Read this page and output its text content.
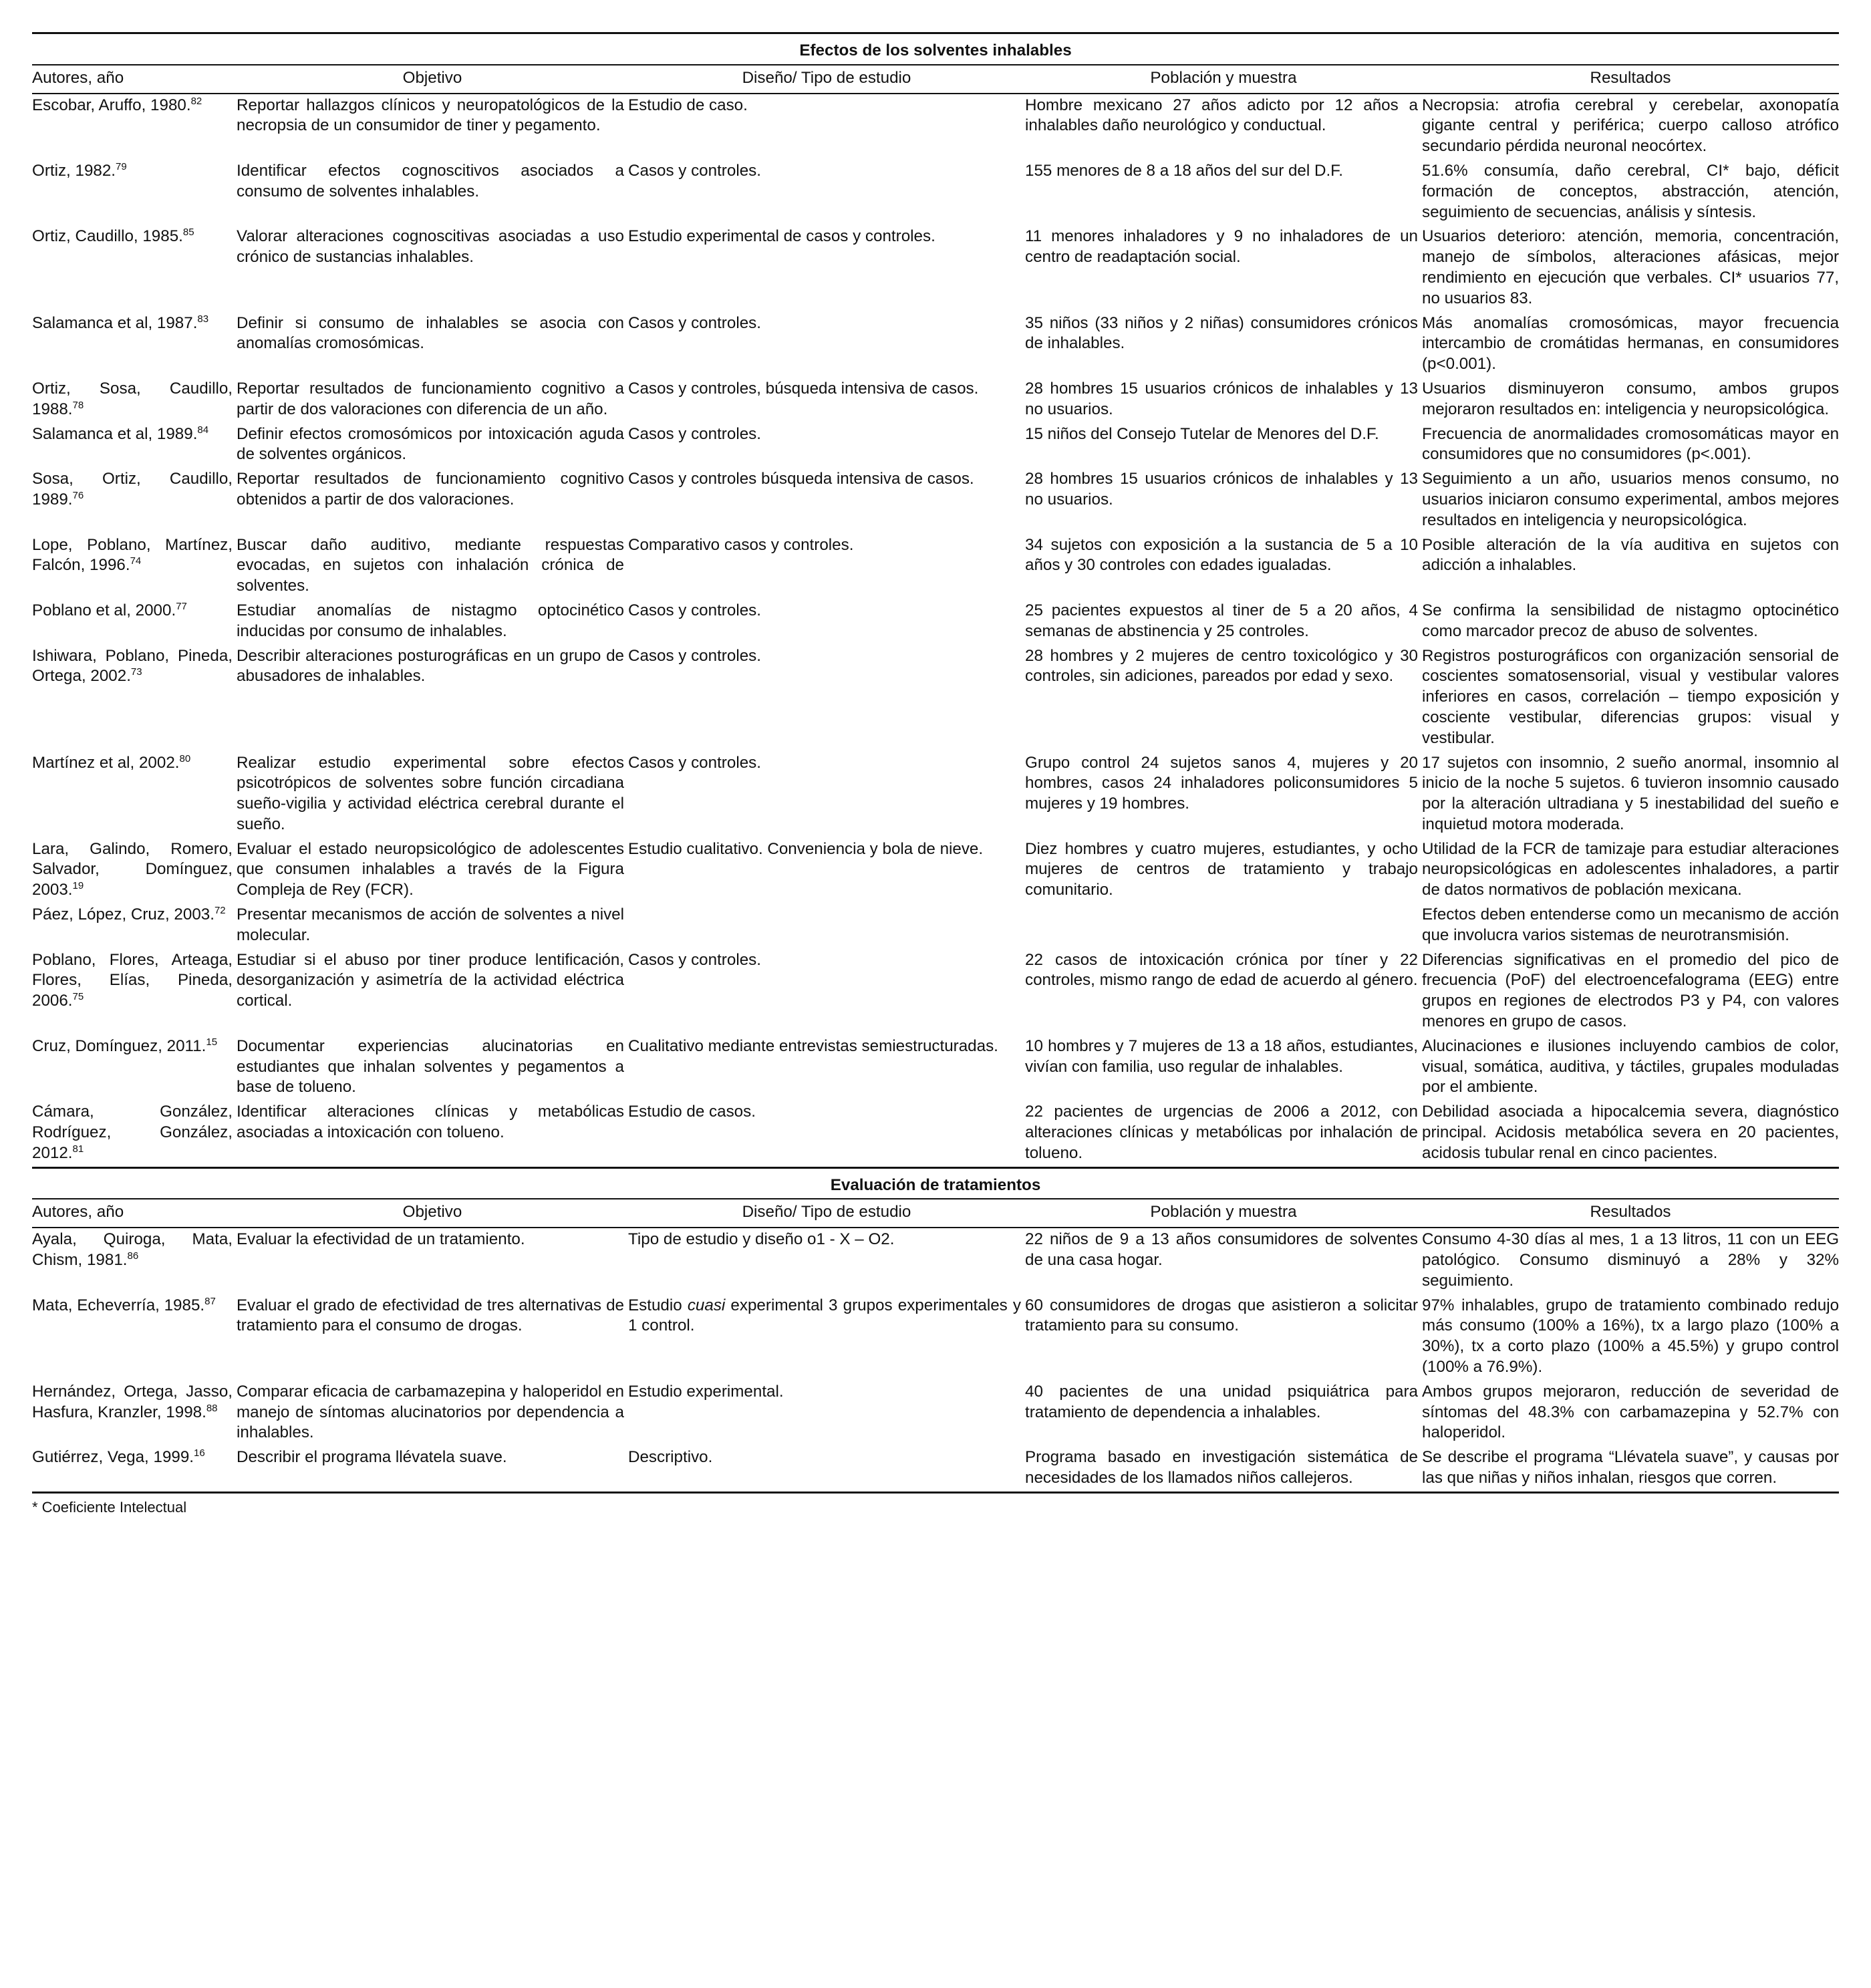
Efectos de los solventes inhalables				
Autores, año	Objetivo	Diseño/ Tipo de estudio	Población y muestra	Resultados
Escobar, Aruffo, 1980.82	Reportar hallazgos clínicos y neuropatológicos de la necropsia de un consumidor de tiner y pegamento.	Estudio de caso.	Hombre mexicano 27 años adicto por 12 años a inhalables daño neurológico y conductual.	Necropsia: atrofia cerebral y cerebelar, axonopatía gigante central y periférica; cuerpo calloso atrófico secundario pérdida neuronal neocórtex.
Ortiz, 1982.79	Identificar efectos cognoscitivos asociados a consumo de solventes inhalables.	Casos y controles.	155 menores de 8 a 18 años del sur del D.F.	51.6% consumía, daño cerebral, CI* bajo, déficit formación de conceptos, abstracción, atención, seguimiento de secuencias, análisis y síntesis.
Ortiz, Caudillo, 1985.85	Valorar alteraciones cognoscitivas asociadas a uso crónico de sustancias inhalables.	Estudio experimental de casos y controles.	11 menores inhaladores y 9 no inhaladores de un centro de readaptación social.	Usuarios deterioro: atención, memoria, concentración, manejo de símbolos, alteraciones afásicas, mejor rendimiento en ejecución que verbales. CI* usuarios 77, no usuarios 83.
Salamanca et al, 1987.83	Definir si consumo de inhalables se asocia con anomalías cromosómicas.	Casos y controles.	35 niños (33 niños y 2 niñas) consumidores crónicos de inhalables.	Más anomalías cromosómicas, mayor frecuencia intercambio de cromátidas hermanas, en consumidores (p<0.001).
Ortiz, Sosa, Caudillo, 1988.78	Reportar resultados de funcionamiento cognitivo a partir de dos valoraciones con diferencia de un año.	Casos y controles, búsqueda intensiva de casos.	28 hombres 15 usuarios crónicos de inhalables y 13 no usuarios.	Usuarios disminuyeron consumo, ambos grupos mejoraron resultados en: inteligencia y neuropsicológica.
Salamanca et al, 1989.84	Definir efectos cromosómicos por intoxicación aguda de solventes orgánicos.	Casos y controles.	15 niños del Consejo Tutelar de Menores del D.F.	Frecuencia de anormalidades cromosomáticas mayor en consumidores que no consumidores (p<.001).
Sosa, Ortiz, Caudillo, 1989.76	Reportar resultados de funcionamiento cognitivo obtenidos a partir de dos valoraciones.	Casos y controles búsqueda intensiva de casos.	28 hombres 15 usuarios crónicos de inhalables y 13 no usuarios.	Seguimiento a un año, usuarios menos consumo, no usuarios iniciaron consumo experimental, ambos mejores resultados en inteligencia y neuropsicológica.
Lope, Poblano, Martínez, Falcón, 1996.74	Buscar daño auditivo, mediante respuestas evocadas, en sujetos con inhalación crónica de solventes.	Comparativo casos y controles.	34 sujetos con exposición a la sustancia de 5 a 10 años y 30 controles con edades igualadas.	Posible alteración de la vía auditiva en sujetos con adicción a inhalables.
Poblano et al, 2000.77	Estudiar anomalías de nistagmo optocinético inducidas por consumo de inhalables.	Casos y controles.	25 pacientes expuestos al tiner de 5 a 20 años, 4 semanas de abstinencia y 25 controles.	Se confirma la sensibilidad de nistagmo optocinético como marcador precoz de abuso de solventes.
Ishiwara, Poblano, Pineda, Ortega, 2002.73	Describir alteraciones posturográficas en un grupo de abusadores de inhalables.	Casos y controles.	28 hombres y 2 mujeres de centro toxicológico y 30 controles, sin adiciones, pareados por edad y sexo.	Registros posturográficos con organización sensorial de coscientes somatosensorial, visual y vestibular valores inferiores en casos, correlación – tiempo exposición y cosciente vestibular, diferencias grupos: visual y vestibular.
Martínez et al, 2002.80	Realizar estudio experimental sobre efectos psicotrópicos de solventes sobre función circadiana sueño-vigilia y actividad eléctrica cerebral durante el sueño.	Casos y controles.	Grupo control 24 sujetos sanos 4, mujeres y 20 hombres, casos 24 inhaladores policonsumidores 5 mujeres y 19 hombres.	17 sujetos con insomnio, 2 sueño anormal, insomnio al inicio de la noche 5 sujetos. 6 tuvieron insomnio causado por la alteración ultradiana y 5 inestabilidad del sueño e inquietud motora moderada.
Lara, Galindo, Romero, Salvador, Domínguez, 2003.19	Evaluar el estado neuropsicológico de adolescentes que consumen inhalables a través de la Figura Compleja de Rey (FCR).	Estudio cualitativo. Conveniencia y bola de nieve.	Diez hombres y cuatro mujeres, estudiantes, y ocho mujeres de centros de tratamiento y trabajo comunitario.	Utilidad de la FCR de tamizaje para estudiar alteraciones neuropsicológicas en adolescentes inhaladores, a partir de datos normativos de población mexicana.
Páez, López, Cruz, 2003.72	Presentar mecanismos de acción de solventes a nivel molecular.			Efectos deben entenderse como un mecanismo de acción que involucra varios sistemas de neurotransmisión.
Poblano, Flores, Arteaga, Flores, Elías, Pineda, 2006.75	Estudiar si el abuso por tiner produce lentificación, desorganización y asimetría de la actividad eléctrica cortical.	Casos y controles.	22 casos de intoxicación crónica por tíner y 22 controles, mismo rango de edad de acuerdo al género.	Diferencias significativas en el promedio del pico de frecuencia (PoF) del electroencefalograma (EEG) entre grupos en regiones de electrodos P3 y P4, con valores menores en grupo de casos.
Cruz, Domínguez, 2011.15	Documentar experiencias alucinatorias en estudiantes que inhalan solventes y pegamentos a base de tolueno.	Cualitativo mediante entrevistas semiestructuradas.	10 hombres y 7 mujeres de 13 a 18 años, estudiantes, vivían con familia, uso regular de inhalables.	Alucinaciones e ilusiones incluyendo cambios de color, visual, somática, auditiva, y táctiles, grupales moduladas por el ambiente.
Cámara, González, Rodríguez, González, 2012.81	Identificar alteraciones clínicas y metabólicas asociadas a intoxicación con tolueno.	Estudio de casos.	22 pacientes de urgencias de 2006 a 2012, con alteraciones clínicas y metabólicas por inhalación de tolueno.	Debilidad asociada a hipocalcemia severa, diagnóstico principal. Acidosis metabólica severa en 20 pacientes, acidosis tubular renal en cinco pacientes.
Evaluación de tratamientos				
Autores, año	Objetivo	Diseño/ Tipo de estudio	Población y muestra	Resultados
Ayala, Quiroga, Mata, Chism, 1981.86	Evaluar la efectividad de un tratamiento.	Tipo de estudio y diseño o1 - X – O2.	22 niños de 9 a 13 años consumidores de solventes de una casa hogar.	Consumo 4-30 días al mes, 1 a 13 litros, 11 con un EEG patológico. Consumo disminuyó a 28% y 32% seguimiento.
Mata, Echeverría, 1985.87	Evaluar el grado de efectividad de tres alternativas de tratamiento para el consumo de drogas.	Estudio cuasi experimental 3 grupos experimentales y 1 control.	60 consumidores de drogas que asistieron a solicitar tratamiento para su consumo.	97% inhalables, grupo de tratamiento combinado redujo más consumo (100% a 16%), tx a largo plazo (100% a 30%), tx a corto plazo (100% a 45.5%) y grupo control (100% a 76.9%).
Hernández, Ortega, Jasso, Hasfura, Kranzler, 1998.88	Comparar eficacia de carbamazepina y haloperidol en manejo de síntomas alucinatorios por dependencia a inhalables.	Estudio experimental.	40 pacientes de una unidad psiquiátrica para tratamiento de dependencia a inhalables.	Ambos grupos mejoraron, reducción de severidad de síntomas del 48.3% con carbamazepina y 52.7% con haloperidol.
Gutiérrez, Vega, 1999.16	Describir el programa llévatela suave.	Descriptivo.	Programa basado en investigación sistemática de necesidades de los llamados niños callejeros.	Se describe el programa “Llévatela suave”, y causas por las que niñas y niños inhalan, riesgos que corren.
* Coeficiente Intelectual
